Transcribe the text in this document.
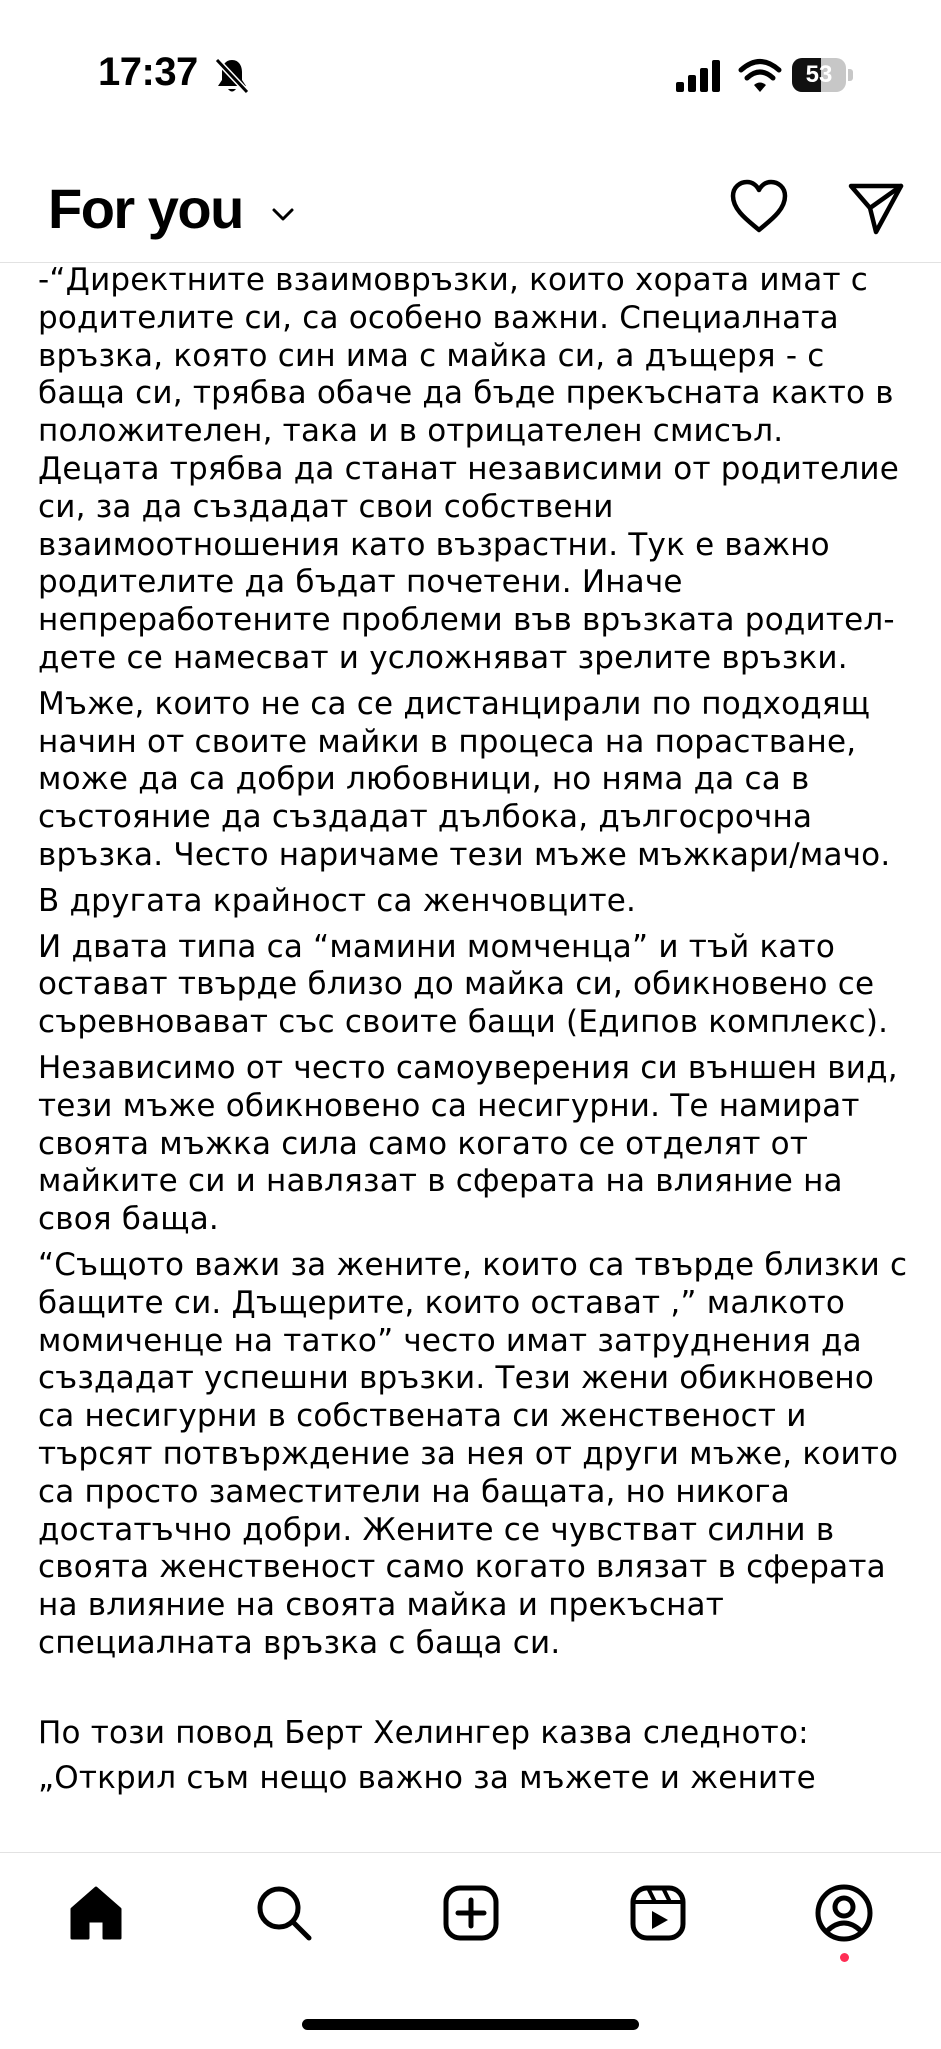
17:37	53
For you

-“Директните взаимовръзки, които хората имат с родителите си, са особено важни. Специалната връзка, която син има с майка си, а дъщеря - с баща си, трябва обаче да бъде прекъсната както в положителен, така и в отрицателен смисъл. Децата трябва да станат независими от родителие си, за да създадат свои собствени взаимоотношения като възрастни. Тук е важно родителите да бъдат почетени. Иначе непреработените проблеми във връзката родител-дете се намесват и усложняват зрелите връзки.

Мъже, които не са се дистанцирали по подходящ начин от своите майки в процеса на порастване, може да са добри любовници, но няма да са в състояние да създадат дълбока, дългосрочна връзка. Често наричаме тези мъже мъжкари/мачо.

В другата крайност са женчовците.

И двата типа са “мамини момченца” и тъй като остават твърде близо до майка си, обикновено се съревновават със своите бащи (Едипов комплекс).

Независимо от често самоуверения си външен вид, тези мъже обикновено са несигурни. Те намират своята мъжка сила само когато се отделят от майките си и навлязат в сферата на влияние на своя баща.

“Същото важи за жените, които са твърде близки с бащите си. Дъщерите, които остават ,” малкото момиченце на татко” често имат затруднения да създадат успешни връзки. Тези жени обикновено са несигурни в собствената си женственост и търсят потвърждение за нея от други мъже, които са просто заместители на бащата, но никога достатъчно добри. Жените се чувстват силни в своята женственост само когато влязат в сферата на влияние на своята майка и прекъснат специалната връзка с баща си.

По този повод Берт Хелингер казва следното:

„Открил съм нещо важно за мъжете и жените
